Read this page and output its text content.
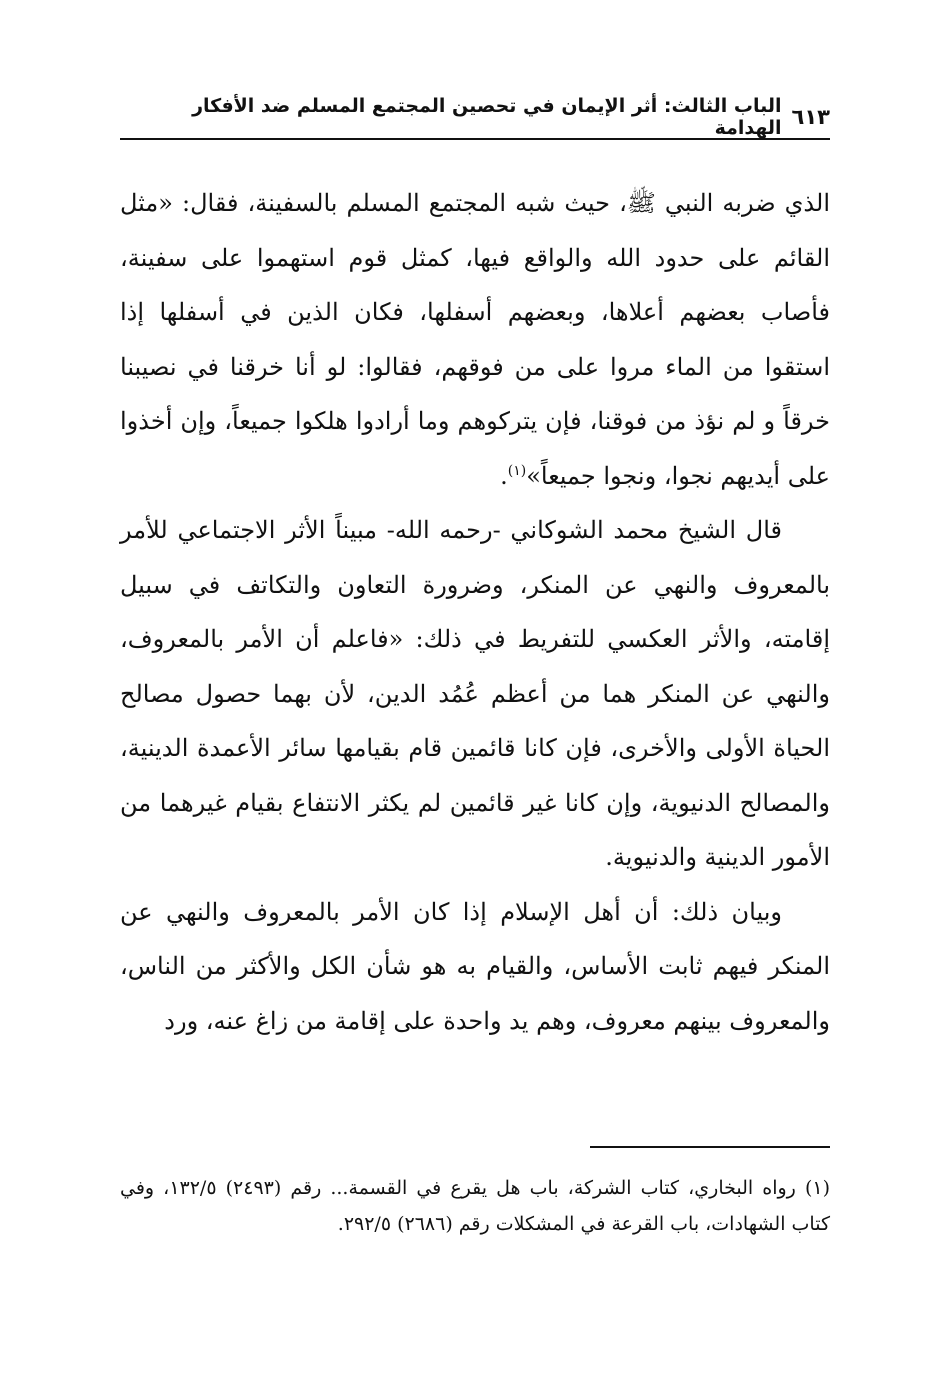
٦١٣
الباب الثالث: أثر الإيمان في تحصين المجتمع المسلم ضد الأفكار الهدامة

الذي ضربه النبي ﷺ، حيث شبه المجتمع المسلم بالسفينة، فقال: «مثل القائم على حدود الله والواقع فيها، كمثل قوم استهموا على سفينة، فأصاب بعضهم أعلاها، وبعضهم أسفلها، فكان الذين في أسفلها إذا استقوا من الماء مروا على من فوقهم، فقالوا: لو أنا خرقنا في نصيبنا خرقاً و لم نؤذ من فوقنا، فإن يتركوهم وما أرادوا هلكوا جميعاً، وإن أخذوا على أيديهم نجوا، ونجوا جميعاً»$^{(١)}$.

قال الشيخ محمد الشوكاني -رحمه الله- مبيناً الأثر الاجتماعي للأمر بالمعروف والنهي عن المنكر، وضرورة التعاون والتكاتف في سبيل إقامته، والأثر العكسي للتفريط في ذلك: «فاعلم أن الأمر بالمعروف، والنهي عن المنكر هما من أعظم عُمُد الدين، لأن بهما حصول مصالح الحياة الأولى والأخرى، فإن كانا قائمين قام بقيامها سائر الأعمدة الدينية، والمصالح الدنيوية، وإن كانا غير قائمين لم يكثر الانتفاع بقيام غيرهما من الأمور الدينية والدنيوية.

وبيان ذلك: أن أهل الإسلام إذا كان الأمر بالمعروف والنهي عن المنكر فيهم ثابت الأساس، والقيام به هو شأن الكل والأكثر من الناس، والمعروف بينهم معروف، وهم يد واحدة على إقامة من زاغ عنه، ورد

(١) رواه البخاري، كتاب الشركة، باب هل يقرع في القسمة... رقم (٢٤٩٣) ١٣٢/٥، وفي كتاب الشهادات، باب القرعة في المشكلات رقم (٢٦٨٦) ٢٩٢/٥.
